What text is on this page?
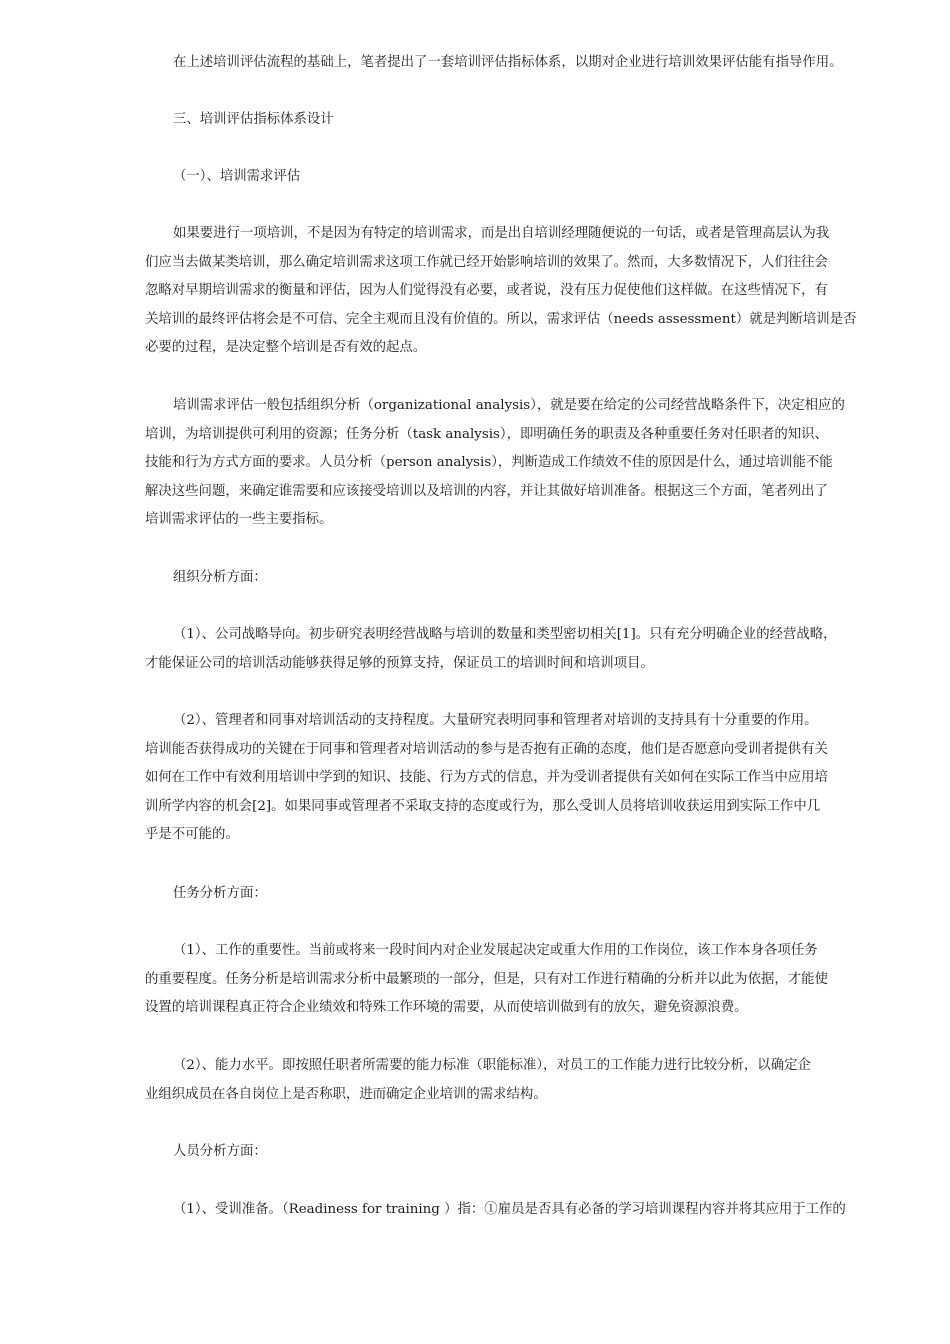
在上述培训评估流程的基础上，笔者提出了一套培训评估指标体系，以期对企业进行培训效果评估能有指导作用。

三、培训评估指标体系设计

（一）、培训需求评估

如果要进行一项培训，不是因为有特定的培训需求，而是出自培训经理随便说的一句话，或者是管理高层认为我
们应当去做某类培训，那么确定培训需求这项工作就已经开始影响培训的效果了。然而，大多数情况下，人们往往会
忽略对早期培训需求的衡量和评估，因为人们觉得没有必要，或者说，没有压力促使他们这样做。在这些情况下，有
关培训的最终评估将会是不可信、完全主观而且没有价值的。所以，需求评估（needs assessment）就是判断培训是否
必要的过程，是决定整个培训是否有效的起点。

培训需求评估一般包括组织分析（organizational analysis），就是要在给定的公司经营战略条件下，决定相应的
培训，为培训提供可利用的资源；任务分析（task analysis），即明确任务的职责及各种重要任务对任职者的知识、
技能和行为方式方面的要求。人员分析（person analysis），判断造成工作绩效不佳的原因是什么，通过培训能不能
解决这些问题，来确定谁需要和应该接受培训以及培训的内容，并让其做好培训准备。根据这三个方面，笔者列出了
培训需求评估的一些主要指标。

组织分析方面：

（1）、公司战略导向。初步研究表明经营战略与培训的数量和类型密切相关[1]。只有充分明确企业的经营战略，
才能保证公司的培训活动能够获得足够的预算支持，保证员工的培训时间和培训项目。

（2）、管理者和同事对培训活动的支持程度。大量研究表明同事和管理者对培训的支持具有十分重要的作用。
培训能否获得成功的关键在于同事和管理者对培训活动的参与是否抱有正确的态度，他们是否愿意向受训者提供有关
如何在工作中有效利用培训中学到的知识、技能、行为方式的信息，并为受训者提供有关如何在实际工作当中应用培
训所学内容的机会[2]。如果同事或管理者不采取支持的态度或行为，那么受训人员将培训收获运用到实际工作中几
乎是不可能的。

任务分析方面：

（1）、工作的重要性。当前或将来一段时间内对企业发展起决定或重大作用的工作岗位，该工作本身各项任务
的重要程度。任务分析是培训需求分析中最繁琐的一部分，但是，只有对工作进行精确的分析并以此为依据，才能使
设置的培训课程真正符合企业绩效和特殊工作环境的需要，从而使培训做到有的放矢，避免资源浪费。

（2）、能力水平。即按照任职者所需要的能力标准（职能标准），对员工的工作能力进行比较分析，以确定企
业组织成员在各自岗位上是否称职，进而确定企业培训的需求结构。

人员分析方面：

（1）、受训准备。（Readiness for training ）指：①雇员是否具有必备的学习培训课程内容并将其应用于工作的
